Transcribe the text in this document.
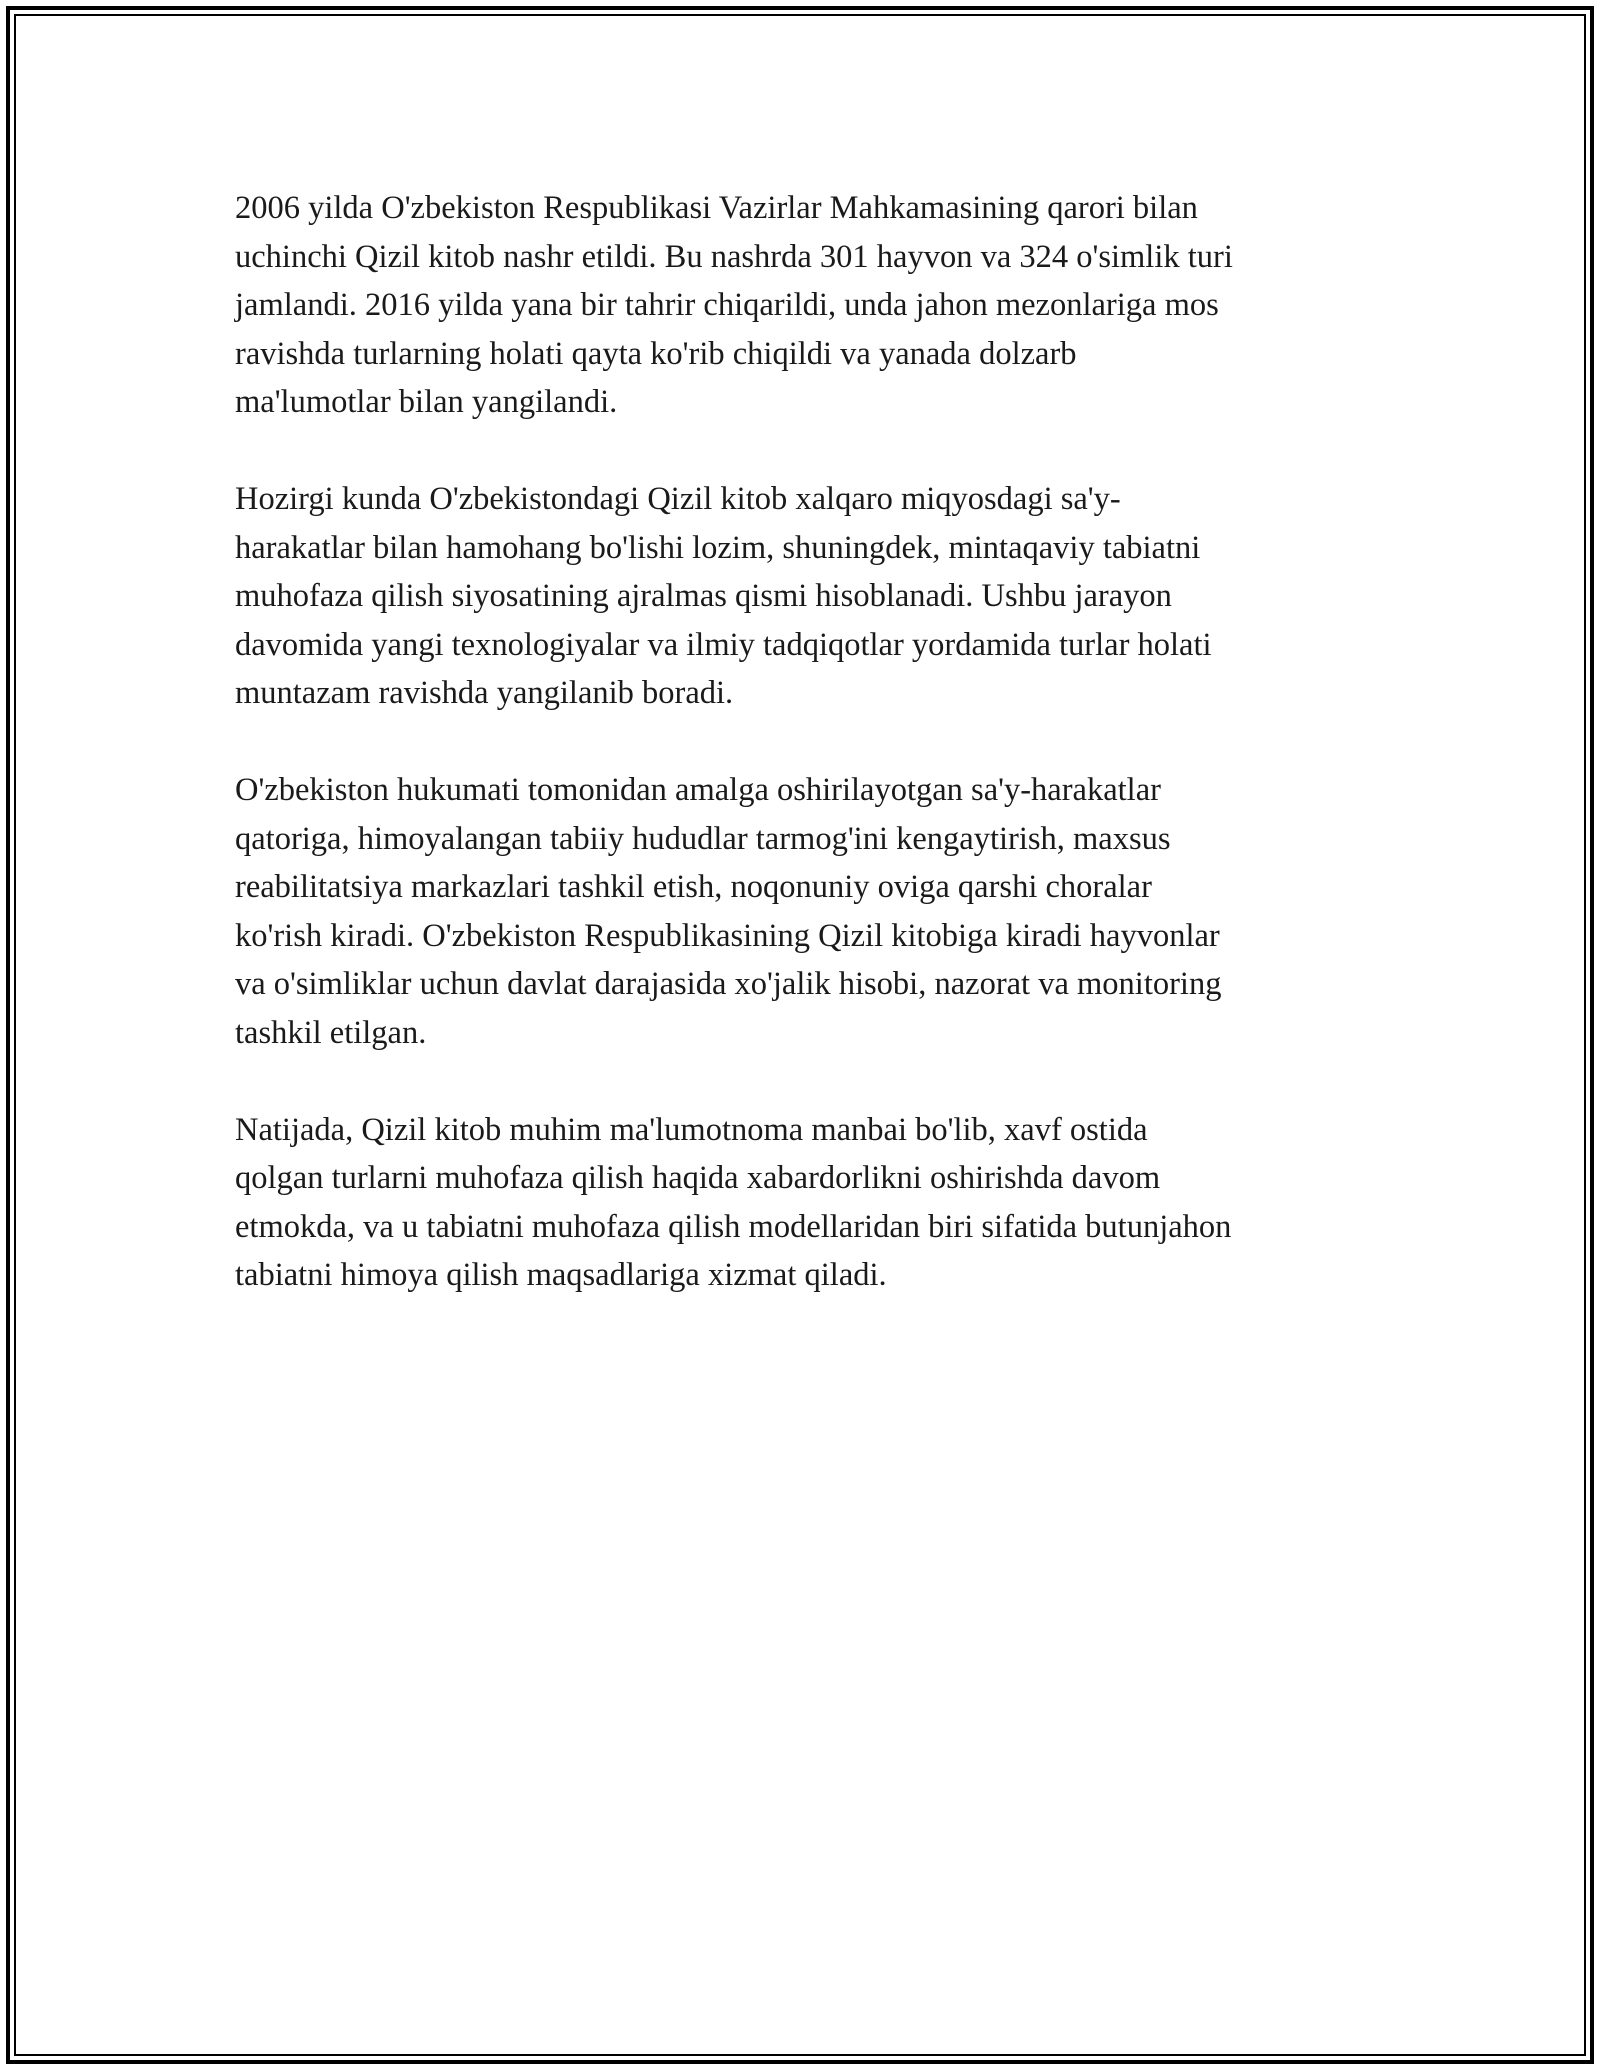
2006 yilda O'zbekiston Respublikasi Vazirlar Mahkamasining qarori bilan
uchinchi Qizil kitob nashr etildi. Bu nashrda 301 hayvon va 324 o'simlik turi
jamlandi. 2016 yilda yana bir tahrir chiqarildi, unda jahon mezonlariga mos
ravishda turlarning holati qayta ko'rib chiqildi va yanada dolzarb
ma'lumotlar bilan yangilandi.

Hozirgi kunda O'zbekistondagi Qizil kitob xalqaro miqyosdagi sa'y-
harakatlar bilan hamohang bo'lishi lozim, shuningdek, mintaqaviy tabiatni
muhofaza qilish siyosatining ajralmas qismi hisoblanadi. Ushbu jarayon
davomida yangi texnologiyalar va ilmiy tadqiqotlar yordamida turlar holati
muntazam ravishda yangilanib boradi.

O'zbekiston hukumati tomonidan amalga oshirilayotgan sa'y-harakatlar
qatoriga, himoyalangan tabiiy hududlar tarmog'ini kengaytirish, maxsus
reabilitatsiya markazlari tashkil etish, noqonuniy oviga qarshi choralar
ko'rish kiradi. O'zbekiston Respublikasining Qizil kitobiga kiradi hayvonlar
va o'simliklar uchun davlat darajasida xo'jalik hisobi, nazorat va monitoring
tashkil etilgan.

Natijada, Qizil kitob muhim ma'lumotnoma manbai bo'lib, xavf ostida
qolgan turlarni muhofaza qilish haqida xabardorlikni oshirishda davom
etmokda, va u tabiatni muhofaza qilish modellaridan biri sifatida butunjahon
tabiatni himoya qilish maqsadlariga xizmat qiladi.
